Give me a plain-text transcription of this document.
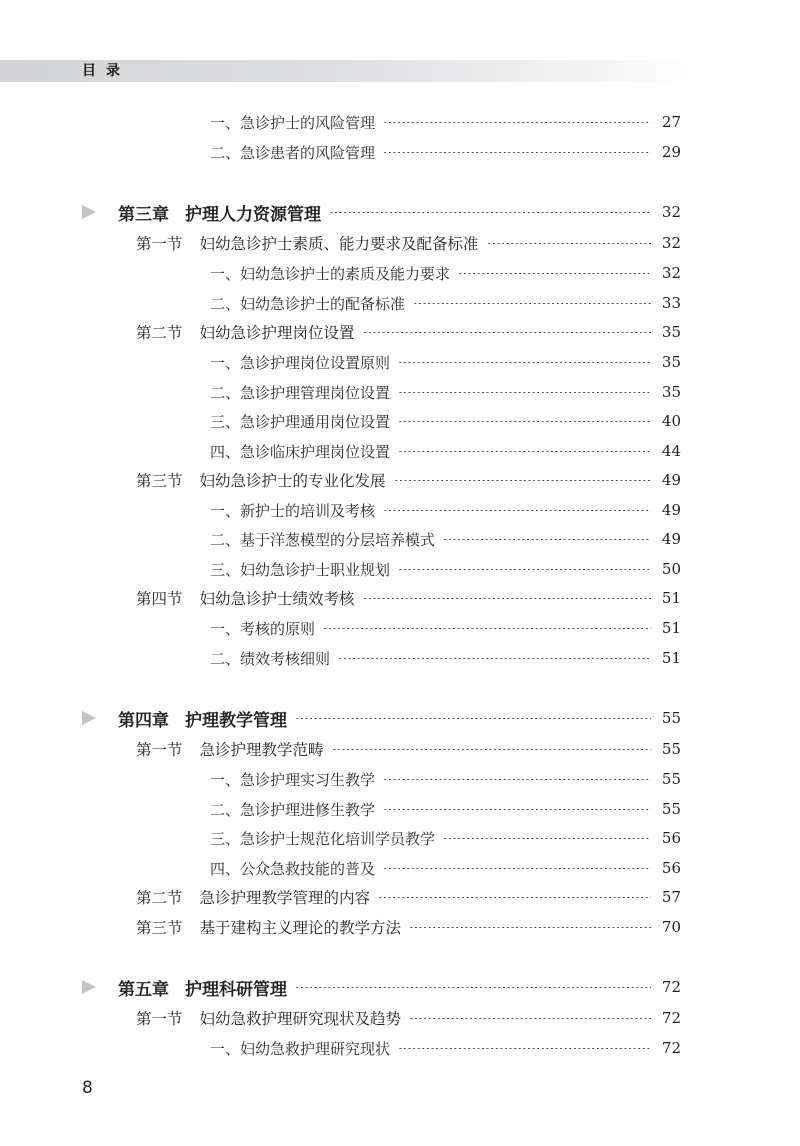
目录
一、急诊护士的风险管理	27
二、急诊患者的风险管理	29
第三章 护理人力资源管理	32
第一节 妇幼急诊护士素质、能力要求及配备标准	32
一、妇幼急诊护士的素质及能力要求	32
二、妇幼急诊护士的配备标准	33
第二节 妇幼急诊护理岗位设置	35
一、急诊护理岗位设置原则	35
二、急诊护理管理岗位设置	35
三、急诊护理通用岗位设置	40
四、急诊临床护理岗位设置	44
第三节 妇幼急诊护士的专业化发展	49
一、新护士的培训及考核	49
二、基于洋葱模型的分层培养模式	49
三、妇幼急诊护士职业规划	50
第四节 妇幼急诊护士绩效考核	51
一、考核的原则	51
二、绩效考核细则	51
第四章 护理教学管理	55
第一节 急诊护理教学范畴	55
一、急诊护理实习生教学	55
二、急诊护理进修生教学	55
三、急诊护士规范化培训学员教学	56
四、公众急救技能的普及	56
第二节 急诊护理教学管理的内容	57
第三节 基于建构主义理论的教学方法	70
第五章 护理科研管理	72
第一节 妇幼急救护理研究现状及趋势	72
一、妇幼急救护理研究现状	72
8
